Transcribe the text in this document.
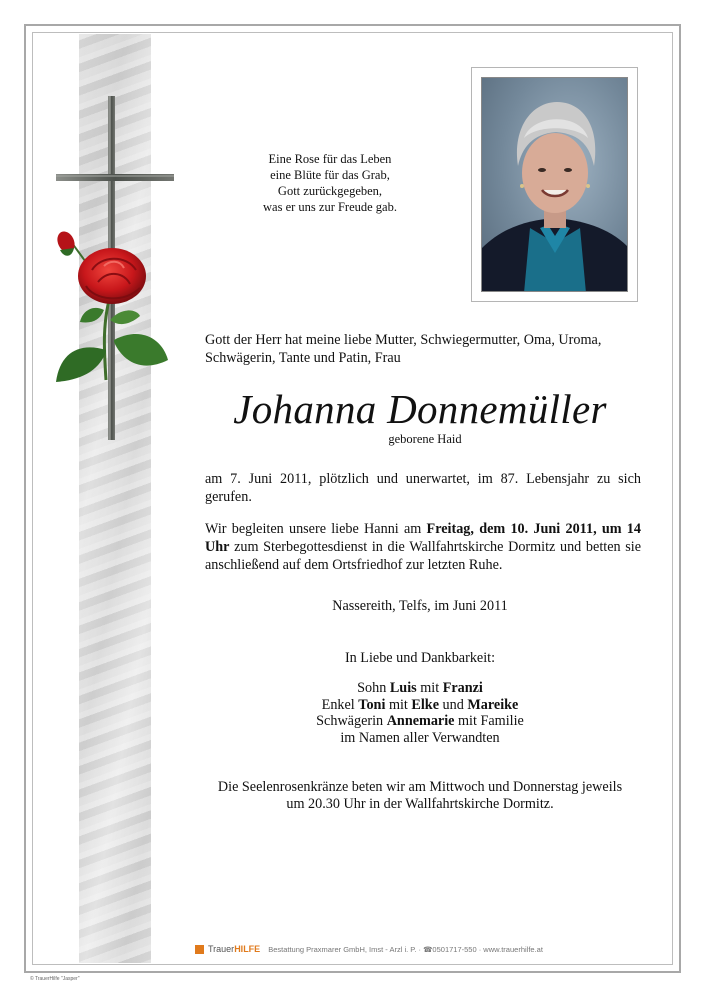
Eine Rose für das Leben
eine Blüte für das Grab,
Gott zurückgegeben,
was er uns zur Freude gab.
Gott der Herr hat meine liebe Mutter, Schwiegermutter, Oma, Uroma, Schwägerin, Tante und Patin, Frau
Johanna Donnemüller
geborene Haid
am 7. Juni 2011, plötzlich und unerwartet, im 87. Lebensjahr zu sich gerufen.
Wir begleiten unsere liebe Hanni am Freitag, dem 10. Juni 2011, um 14 Uhr zum Sterbegottesdienst in die Wallfahrtskirche Dormitz und betten sie anschließend auf dem Ortsfriedhof zur letzten Ruhe.
Nassereith, Telfs, im Juni 2011
In Liebe und Dankbarkeit:
Sohn Luis mit Franzi
Enkel Toni mit Elke und Mareike
Schwägerin Annemarie mit Familie
im Namen aller Verwandten
Die Seelenrosenkränze beten wir am Mittwoch und Donnerstag jeweils
um 20.30 Uhr in der Wallfahrtskirche Dormitz.
TrauerHILFE	Bestattung Praxmarer GmbH, Imst - Arzl i. P. · ☎0501717-550 · www.trauerhilfe.at
© TrauerHilfe "Jasper"
